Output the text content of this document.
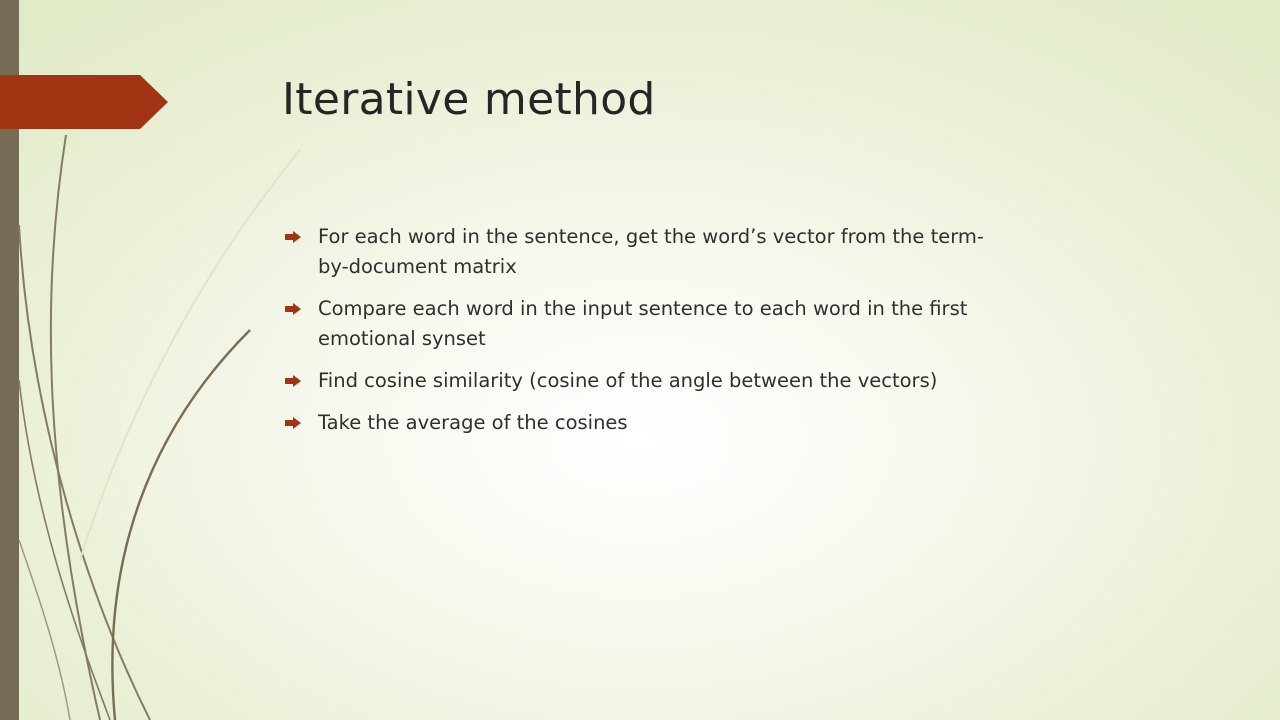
Iterative method
For each word in the sentence, get the word’s vector from the term-by-document matrix
Compare each word in the input sentence to each word in the first emotional synset
Find cosine similarity (cosine of the angle between the vectors)
Take the average of the cosines
